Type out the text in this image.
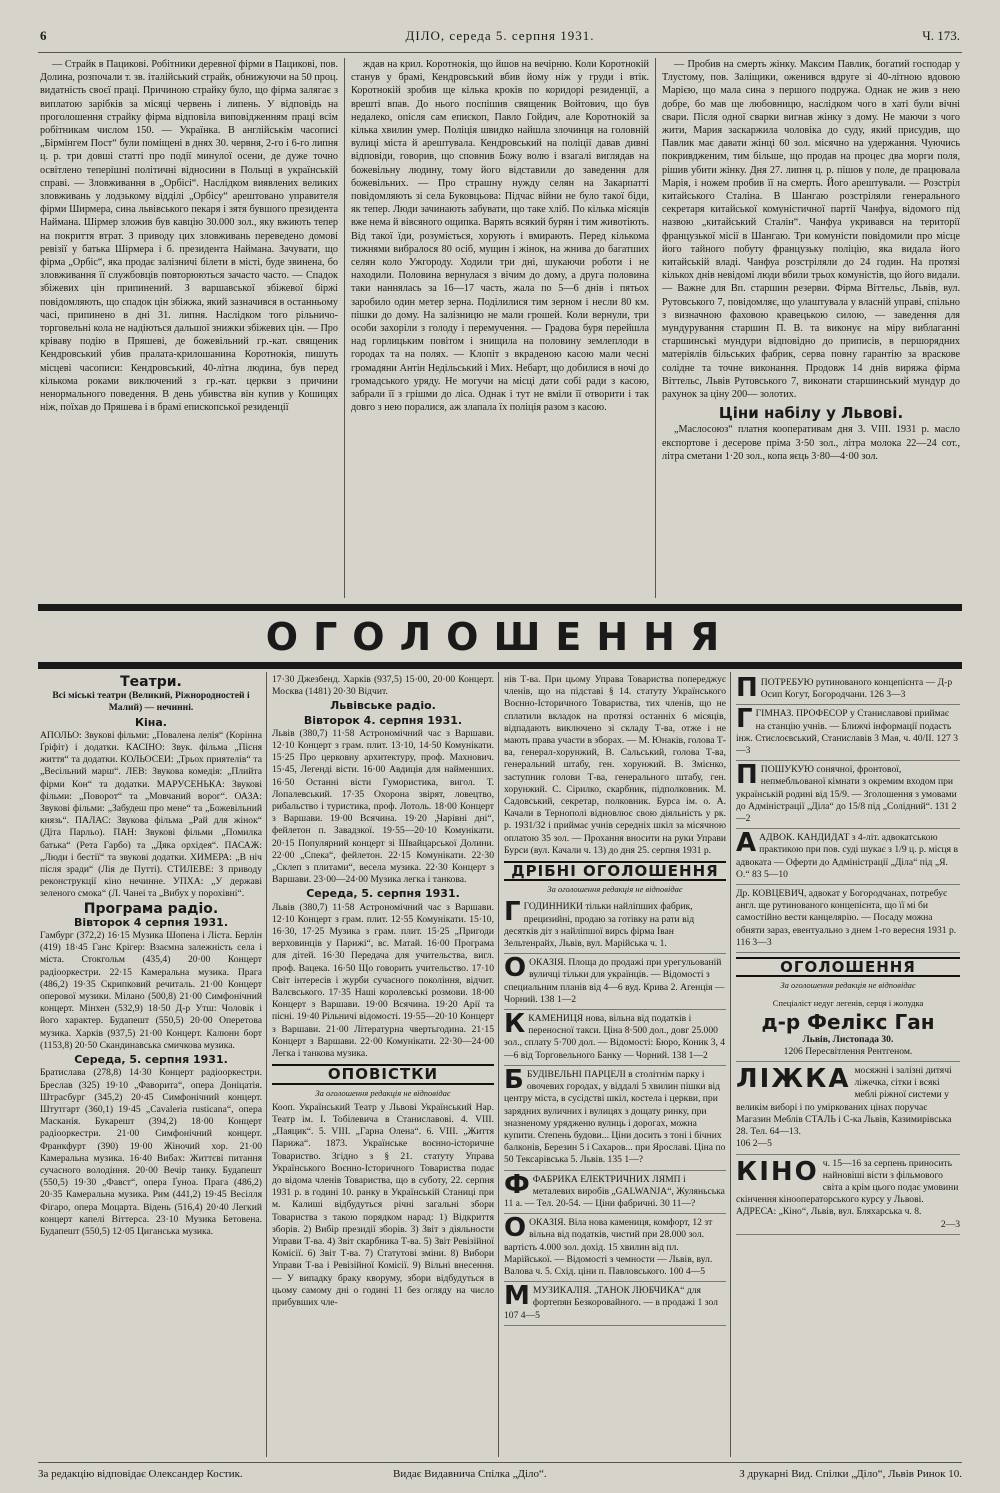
6	ДІЛО, середа 5. серпня 1931.	Ч. 173.

— Страйк в Пацикові. Робітники деревної фірми в Пацикові, пов. Долина, розпочали т. зв. італійський страйк, обнижуючи на 50 проц. видатність своєї праці. Причиною страйку було, що фірма залягає з виплатою зарібків за місяці червень і липень. У відповідь на проголошення страйку фірма відповіла виповідженням праці всім робітникам числом 150. — Українка. В англійськім часописі „Бірмінгем Пост“ були поміщені в днях 30. червня, 2-го і 6-го липня ц. р. три довші статті про події минулої осени, де дуже точно освітлено теперішні політичні відносини в Польщі в українській справі. — Зловживання в „Орбісі“. Наслідком виявлених великих зловживань у лодзькому відділі „Орбісу“ арештовано управителя фірми Ширмера, сина львівського пекаря і зятя бувшого президента Наймана. Шірмер зложив був кавцію 30.000 зол., яку вжиють тепер на покриття втрат. З приводу цих зловживань переведено домові ревізії у батька Шірмера і б. президента Наймана. Зачувати, що фірма „Орбіс“, яка продає залізничі білети в місті, буде звинена, бо зловживання її службовців повторюються зачасто часто. — Спадок збіжевих цін припинений. З варшавської збіжевої біржі повідомляють, що спадок цін збіжжа, який зазначився в останньому часі, припинено в дні 31. липня. Наслідком того рільничо-торговельні кола не надіються дальшої знижки збіжевих цін. — Про кріваву подію в Пряшеві, де божевільний гр.-кат. священик Кендровський убив пралата-крилошанина Коротнокія, пишуть місцеві часописи: Кендровський, 40-літна людина, був перед кількома роками виключений з гр.-кат. церкви з причини ненормального поведення. В день убивства він купив у Кошицях ніж, поїхав до Пряшева і в брамі епископської резиденції

ждав на крил. Коротнокія, що йшов на вечірню. Коли Коротнокій станув у брамі, Кендровський вбив йому ніж у груди і втік. Коротнокій зробив ще кілька кроків по коридорі резиденції, а врешті впав. До нього поспішив священик Войтович, що був недалеко, опісля сам епископ, Павло Гойдич, але Коротнокій за кілька хвилин умер. Поліція швидко найшла злочинця на головній вулиці міста й арештувала. Кендровський на поліції давав дивні відповіди, говорив, що сповнив Божу волю і взагалі виглядав на божевільну людину, тому його відставили до заведення для божевільних. — Про страшну нужду селян на Закарпатті повідомляють зі села Буковцьова: Підчас війни не було такої біди, як тепер. Люди зачинають забувати, що таке хліб. По кілька місяців вже нема й вівсяного ощипка. Варять всякий бурян і тим животіють. Від такої їди, розуміється, хорують і вмирають. Перед кількома тижнями вибралося 80 осіб, мущин і жінок, на жнива до багатших селян коло Ужгороду. Ходили три дні, шукаючи роботи і не находили. Половина вернулася з вічим до дому, а друга половина таки наннялась за 16—17 часть, жала по 5—6 днів і пятьох заробило один метер зерна. Поділилися тим зерном і несли 80 км. пішки до дому. На залізницю не мали грошей. Коли вернули, три особи захоріли з голоду і перемучення. — Градова буря перейшла над горлицьким повітом і знищила на половину землеплоди в городах та на полях. — Клопіт з вкраденою касою мали чесні громадяни Антін Недільський і Мих. Небарт, що добилися в ночі до громадського уряду. Не могучи на місці дати собі ради з касою, забрали її з грішми до ліса. Однак і тут не вміли її отворити і так довго з нею поралися, аж злапала їх поліція разом з касою.

— Пробив на смерть жінку. Максим Павлик, богатий господар у Тлустому, пов. Заліщики, оженився вдруге зі 40-літною вдовою Марією, що мала сина з першого подружа. Однак не жив з нею добре, бо мав ще любовницю, наслідком чого в хаті були вічні свари. Після одної сварки вигнав жінку з дому. Не маючи з чого жити, Мария заскаржила чоловіка до суду, який присудив, що Павлик має давати жінці 60 зол. місячно на удержання. Чуючись покривдженим, тим більше, що продав на процес два морги поля, рішив убити жінку. Дня 27. липня ц. р. пішов у поле, де працювала Марія, і ножем пробив її на смерть. Його арештували. — Розстріл китайського Сталіна. В Шангаю розстріляли генерального секретаря китайської комуністичної партії Чанфуа, відомого під назвою „китайський Сталін“. Чанфуа укривався на території французької місії в Шангаю. Три комуністи повідомили про місце його тайного побуту французьку поліцію, яка видала його китайській владі. Чанфуа розстріляли до 24 годин. На протязі кількох днів невідомі люди вбили трьох комуністів, що його видали. — Важне для Вп. старшин резерви. Фірма Віттельс, Львів, вул. Рутовського 7, повідомляє, що улаштувала у власній управі, спільно з визначною фаховою кравецькою силою, — заведення для мундурування старшин П. В. та виконує на міру виблаганні старшинські мундури відповідно до приписів, в першорядних матеріялів більських фабрик, серва повну гарантію за враскове солідне та точне виконання. Продовж 14 днів виряжа фірма Віттельс, Львів Рутовського 7, виконати старшинський мундур до рахунок за ціну 200— золотих.

Ціни набілу у Львові.

„Маслосоюз“ платня кооперативам дня 3. VIII. 1931 р. масло експортове і десерове пріма 3·50 зол., літра молока 22—24 сот., літра сметани 1·20 зол., копа яєць 3·80—4·00 зол.

ОГОЛОШЕННЯ
Театри.

Всі міські театри (Великий, Ріжнородностей і Малий) — нечинні.

Кіна.

АПОЛЬО: Звукові фільми: „Повалена лелія“ (Корінна Ґріфіт) і додатки. КАСІНО: Звук. фільма „Пісня життя“ та додатки. КОЛЬОСЕИ: „Трьох приятелів“ та „Весільний марш“. ЛЕВ: Звукова комедія: „Плийта фірми Кон“ та додатки. МАРУСЕНЬКА: Звукові фільми: „Поворот“ та „Мовчаний ворог“. ОАЗА: Звукові фільми: „Забудеш про мене“ та „Божевільний князь“. ПАЛАС: Звукова фільма „Рай для жінок“ (Діта Парльо). ПАН: Звукові фільми „Помилка батька“ (Рета Гарбо) та „Дяка орхідея“. ПАСАЖ: „Люди і бестії“ та звукові додатки. ХИМЕРА: „В ніч після зради“ (Лія де Путті). СТИЛЕВЕ: З приводу реконструкції кіно нечинне. УПХА: „У державі зеленого смока“ (Л. Чанеі та „Вибух у порохівні“.

Програма радіо.
Вівторок 4 серпня 1931.

Гамбург (372,2) 16·15 Музика Шопена і Ліста. Берлін (419) 18·45 Ганс Крігер: Взаємна залежність села і міста. Стокгольм (435,4) 20·00 Концерт радіооркестри. 22·15 Камеральна музика. Прага (486,2) 19·35 Скрипковий речиталь. 21·00 Концерт оперової музики. Мілано (500,8) 21·00 Симфонічний концерт. Мінхен (532,9) 18·50 Д-р Утш: Чоловік і його характер. Будапешт (550,5) 20·00 Оперетова музика. Харків (937,5) 21·00 Концерт. Калюнн борт (1153,8) 20·50 Скандинавська смичкова музика.

Середа, 5. серпня 1931.

Братислава (278,8) 14·30 Концерт радіооркестри. Бреслав (325) 19·10 „Фаворита“, опера Доніцатія. Штрасбург (345,2) 20·45 Симфонічний концерт. Штутгарт (360,1) 19·45 „Cavaleria rusticana“, опера Масканія. Букарешт (394,2) 18·00 Концерт радіооркестри. 21·00 Симфонічний концерт. Франкфурт (390) 19·00 Жіночий хор. 21·00 Камеральна музика. 16·40 Вибах: Життєві питання сучасного володіння. 20·00 Вечір танку. Будапешт (550,5) 19·30 „Фавст“, опера Ґуноа. Прага (486,2) 20·35 Камеральна музика. Рим (441,2) 19·45 Весілля Фігаро, опера Моцарта. Відень (516,4) 20·40 Легкий концерт капелі Віттерса. 23·10 Музика Бетовена. Будапешт (550,5) 12·05 Циганська музика.

17·30 Джезбенд. Харків (937,5) 15·00, 20·00 Концерт. Москва (1481) 20·30 Відчит.

Львівське радіо.
Вівторок 4. серпня 1931.

Львів (380,7) 11·58 Астрономічний час з Варшави. 12·10 Концерт з грам. плит. 13·10, 14·50 Комунікати. 15·25 Про церковну архитектуру, проф. Махнович. 15·45, Легенді вісти. 16·00 Авдиція для найменших. 16·50 Останні вісти Гумористика, вигол. Т. Лопалевський. 17·35 Охорона звірят, ловецтво, рибальство і туристика, проф. Лотоль. 18·00 Концерт з Варшави. 19·00 Всячина. 19·20 „Чарівні дні“, фейлетон п. Завадзкої. 19·55—20·10 Комунікати. 20·15 Популярний концерт зі Швайцарської Долини. 22·00 „Спека“, фейлетон. 22·15 Комунікати. 22·30 „Склеп з плитами“, весела музика. 22·30 Концерт з Варшави. 23·00—24·00 Музика легка і танкова.

Середа, 5. серпня 1931.

Львів (380,7) 11·58 Астрономічний час з Варшави. 12·10 Концерт з грам. плит. 12·55 Комунікати. 15·10, 16·30, 17·25 Музика з грам. плит. 15·25 „Пригоди верховинців у Парижі“, вс. Матай. 16·00 Програма для дітей. 16·30 Передача для учительства, вигл. проф. Вацека. 16·50 Що говорить учительство. 17·10 Світ інтересів і журби сучасного покоління, відчит. Валєвського. 17·35 Наші королевські розмови. 18·00 Концерт з Варшави. 19·00 Всячина. 19·20 Арії та пісні. 19·40 Рільничі відомості. 19·55—20·10 Концерт з Варшави. 21·00 Літературна чвертьгодина. 21·15 Концерт з Варшави. 22·00 Комунікати. 22·30—24·00 Легка і танкова музика.

ОПОВІСТКИ
За оголошення редакція не відповідає

Кооп. Український Театр у Львові Український Нар. Театр ім. І. Тобілевича в Станиславові. 4. VIII. „Паяцик“. 5. VIII. „Гарна Олена“. 6. VIII. „Життя Парижа“. 1873. Українське воєнно-історичне Товариство. Згідно з § 21. статуту Управа Українського Воєнно-Історичного Товариства подає до відома членів Товариства, що в суботу, 22. серпня 1931 р. в годині 10. ранку в Українській Станиці при м. Калиші відбудуться річні загальні збори Товариства з такою порядком нарад: 1) Відкриття зборів. 2) Вибір президії зборів. 3) Звіт з діяльности Управи Т-ва. 4) Звіт скарбника Т-ва. 5) Звіт Ревізійної Комісії. 6) Звіт Т-ва. 7) Статутові зміни. 8) Вибори Управи Т-ва і Ревізійної Комісії. 9) Вільні внесення. — У випадку браку кворуму, збори відбудуться в цьому самому дні о годині 11 без огляду на число прибувших чле-

нів Т-ва. При цьому Управа Товариства попереджує членів, що на підставі § 14. статуту Українського Воєнно-Історичного Товариства, тих членів, що не сплатили вкладок на протязі останніх 6 місяців, відпадають виключено зі складу Т-ва, отже і не мають права участи в зборах. — М. Юнаків, голова Т-ва, генерал-хорунжий, В. Сальський, голова Т-ва, генеральний штабу, ген. хорунжий. В. Змієнко, заступник голови Т-ва, генерального штабу, ген. хорунжий. С. Сірилко, скарбник, підполковник. М. Садовський, секретар, полковник. Бурса ім. о. А. Качали в Тернополі відновлює свою діяльність у рк. р. 1931/32 і приймає учнів середніх шкіл за місячною оплатою 35 зол. — Прохання вносити на руки Управи Бурси (вул. Качали ч. 13) до дня 25. серпня 1931 р.

ДРІБНІ ОГОЛОШЕННЯ
За оголошення редакція не відповідає
ГГОДИННИКИ тільки найліпших фабрик, прецизийні, продаю за готівку на рати від десятків діт з найліпшої вирсь фірма Іван Зельтенрайх, Львів, вул. Марійська ч. 1.
ООКАЗІЯ. Площа до продажі при урегульованій вуличці тільки для українців. — Відомості з специальним планів від 4—6 вуд. Крива 2. Агенція — Чорний. 138 1—2
ККАМЕНИЦЯ нова, вільна від податків і переносної такси. Ціна 8·500 дол., довг 25.000 зол., сплату 5·700 дол. — Відомості: Бюро, Коник 3, 4—6 від Торговельного Банку — Чорний. 138 1—2
ББУДІВЕЛЬНІ ПАРЦЕЛІ в столітнім парку і овочевих городах, у віддалі 5 хвилин пішки від центру міста, в сусідстві шкіл, костела і церкви, при зарядних вуличних і вулицях з дощату ринку, при зназненому урядженю вулиць і дорогах, можна купити. Степень будови... Ціни досить з тоні і бічних балконів, Березин 5 і Сахаров... при Ярославі. Ціна по 50 Тексарівська 5. Львів. 135 1—?
ФФАБРИКА ЕЛЕКТРИЧНИХ ЛЯМП і металевих виробів „GALWANJA“, Жуляньська 11 а. — Тел. 20-54. — Ціни фабричні. 30 11—?
ООКАЗІЯ. Віла нова камениця, комфорт, 12 зт вільна від податків, чистий при 28.000 зол. вартість 4.000 зол. дохід. 15 хвилин від пл. Марійської. — Відомості з чемности — Львів, вул. Валова ч. 5. Схід. ціни п. Павловського. 100 4—5
ММУЗИКАЛІЯ. „ТАНОК ЛЮБЧИКА“ для фортепян Безкоровайного. — в продажі 1 зол 107 4—5
ППОТРЕБУЮ рутинованого концепієнта — Д-р Осип Когут, Богородчани. 126 3—3
ГГІМНАЗ. ПРОФЕСОР у Станиславові приймає на станцію учнів. — Ближчі інформації подасть інж. Стислоєвський, Станиславів 3 Мая, ч. 40/II. 127 3—3
ППОШУКУЮ сонячної, фронтової, непмебльованої кімнати з окремим входом при українській родині від 15/9. — Зголошення з умовами до Адміністрації „Діла“ до 15/8 під „Солідний“. 131 2—2
ААДВОК. КАНДИДАТ з 4-літ. адвокатською практикою при пов. суді шукає з 1/9 ц. р. місця в адвоката — Оферти до Адміністрації „Діла“ під „Я. О.“ 83 5—10
Др. КОВЦЕВИЧ, адвокат у Богородчанах, потребує англ. ще рутинованого концепієнта, що її мі би самостійно вести канцелярію. — Посаду можна обняти зараз, евентуально з днем 1-го вересня 1931 р. 116 3—3
ОГОЛОШЕННЯ
За оголошення редакція не відповідає
Спеціаліст недуг легенів, серця і жолудка
д-р Фелікс Ган
Львів, Листопада 30.
1206 Пересвітлення Рентгеном.
ЛІЖКА мосяжні і залізні дитячі ліжечка, сітки і всякі меблі ріжної системи у великім виборі і по уміркованих цінах поручає Магазин Меблів СТАЛЬ і С-ка Львів, Казимирівська 28. Тел. 64—13.
106 2—5
КІНО ч. 15—16 за серпень приносить найновіші вісти з фільмового світа а крім цього подає умовини скінчення кінооператорського курсу у Львові.
АДРЕСА: „Кіно“, Львів, вул. Бляхарська ч. 8.
2—3
За редакцію відповідає Олександер Костик.	Видає Видавнича Спілка „Діло“.	З друкарні Вид. Спілки „Діло“, Львів Ринок 10.
